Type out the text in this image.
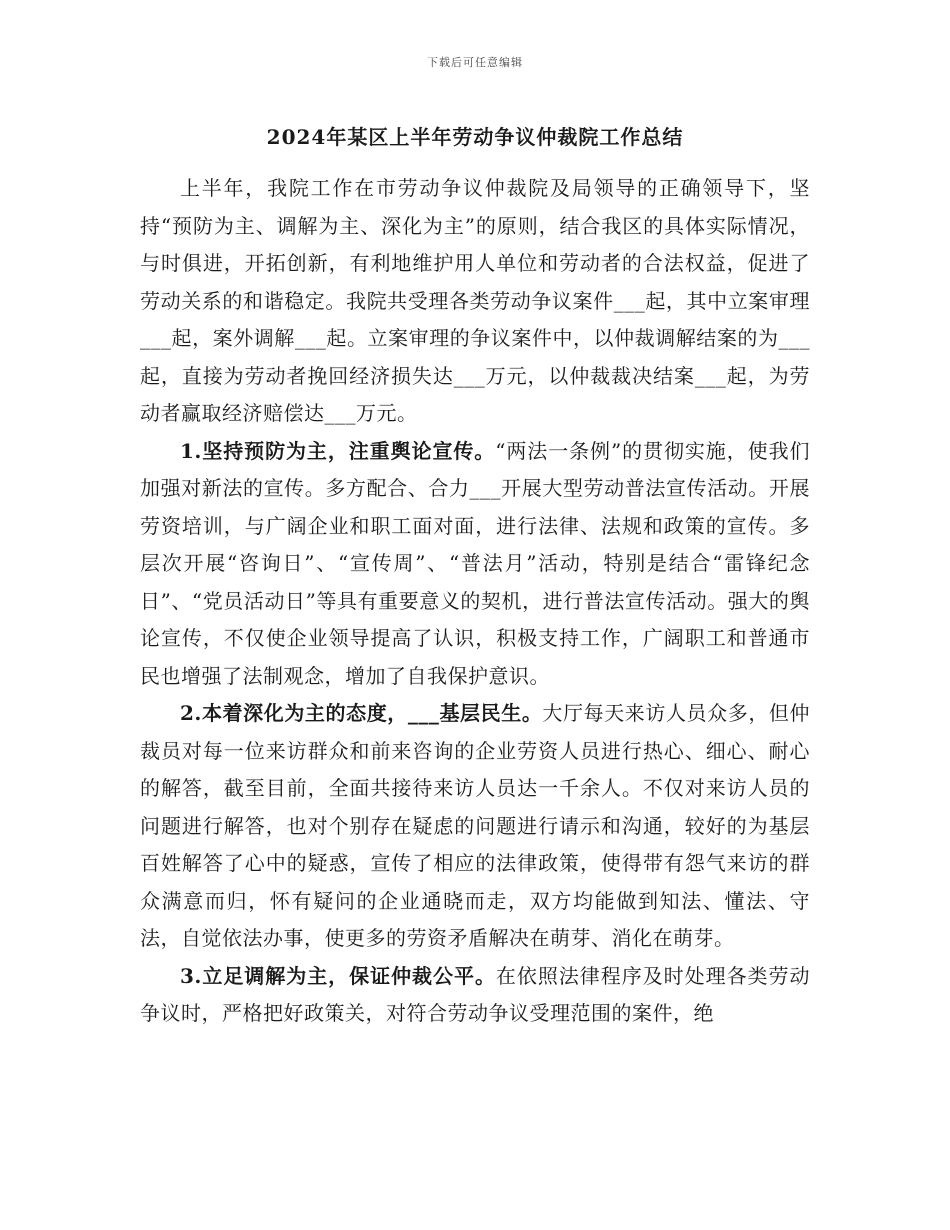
下载后可任意编辑
2024年某区上半年劳动争议仲裁院工作总结

上半年，我院工作在市劳动争议仲裁院及局领导的正确领导下，坚持“预防为主、调解为主、深化为主”的原则，结合我区的具体实际情况，与时俱进，开拓创新，有利地维护用人单位和劳动者的合法权益，促进了劳动关系的和谐稳定。我院共受理各类劳动争议案件___起，其中立案审理___起，案外调解___起。立案审理的争议案件中，以仲裁调解结案的为___起，直接为劳动者挽回经济损失达___万元，以仲裁裁决结案___起，为劳动者赢取经济赔偿达___万元。

1.坚持预防为主，注重舆论宣传。“两法一条例”的贯彻实施，使我们加强对新法的宣传。多方配合、合力___开展大型劳动普法宣传活动。开展劳资培训，与广阔企业和职工面对面，进行法律、法规和政策的宣传。多层次开展“咨询日”、“宣传周”、“普法月”活动，特别是结合“雷锋纪念日”、“党员活动日”等具有重要意义的契机，进行普法宣传活动。强大的舆论宣传，不仅使企业领导提高了认识，积极支持工作，广阔职工和普通市民也增强了法制观念，增加了自我保护意识。

2.本着深化为主的态度，___基层民生。大厅每天来访人员众多，但仲裁员对每一位来访群众和前来咨询的企业劳资人员进行热心、细心、耐心的解答，截至目前，全面共接待来访人员达一千余人。不仅对来访人员的问题进行解答，也对个别存在疑虑的问题进行请示和沟通，较好的为基层百姓解答了心中的疑惑，宣传了相应的法律政策，使得带有怨气来访的群众满意而归，怀有疑问的企业通晓而走，双方均能做到知法、懂法、守法，自觉依法办事，使更多的劳资矛盾解决在萌芽、消化在萌芽。

3.立足调解为主，保证仲裁公平。在依照法律程序及时处理各类劳动争议时，严格把好政策关，对符合劳动争议受理范围的案件，绝
